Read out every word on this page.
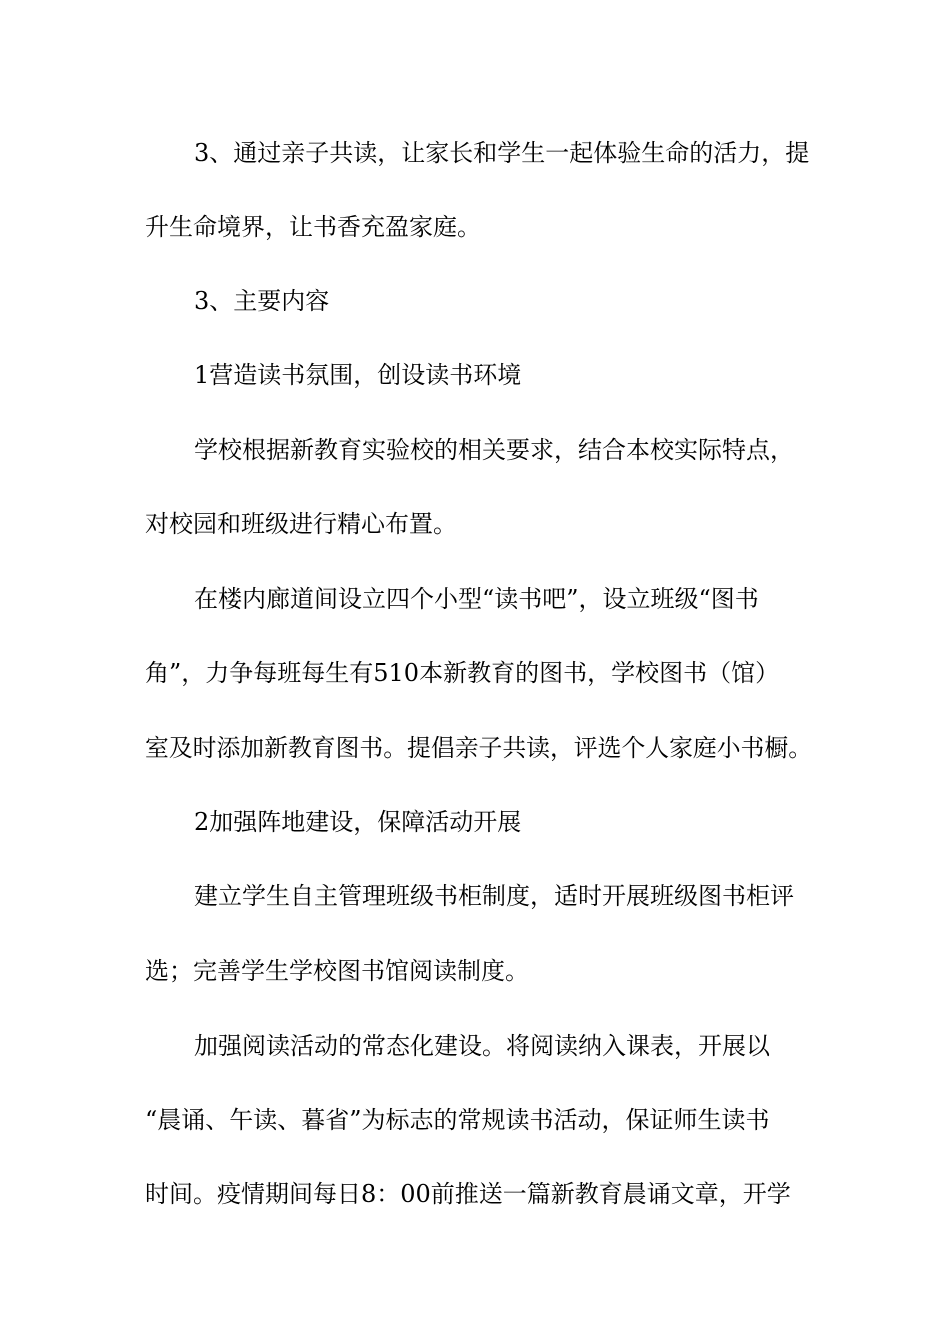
3、通过亲子共读，让家长和学生一起体验生命的活力，提
升生命境界，让书香充盈家庭。
3、主要内容
1营造读书氛围，创设读书环境
学校根据新教育实验校的相关要求，结合本校实际特点，
对校园和班级进行精心布置。
在楼内廊道间设立四个小型“读书吧”，设立班级“图书
角”，力争每班每生有510本新教育的图书，学校图书（馆）
室及时添加新教育图书。提倡亲子共读，评选个人家庭小书橱。
2加强阵地建设，保障活动开展
建立学生自主管理班级书柜制度，适时开展班级图书柜评
选；完善学生学校图书馆阅读制度。
加强阅读活动的常态化建设。将阅读纳入课表，开展以
“晨诵、午读、暮省”为标志的常规读书活动，保证师生读书
时间。疫情期间每日8：00前推送一篇新教育晨诵文章，开学
